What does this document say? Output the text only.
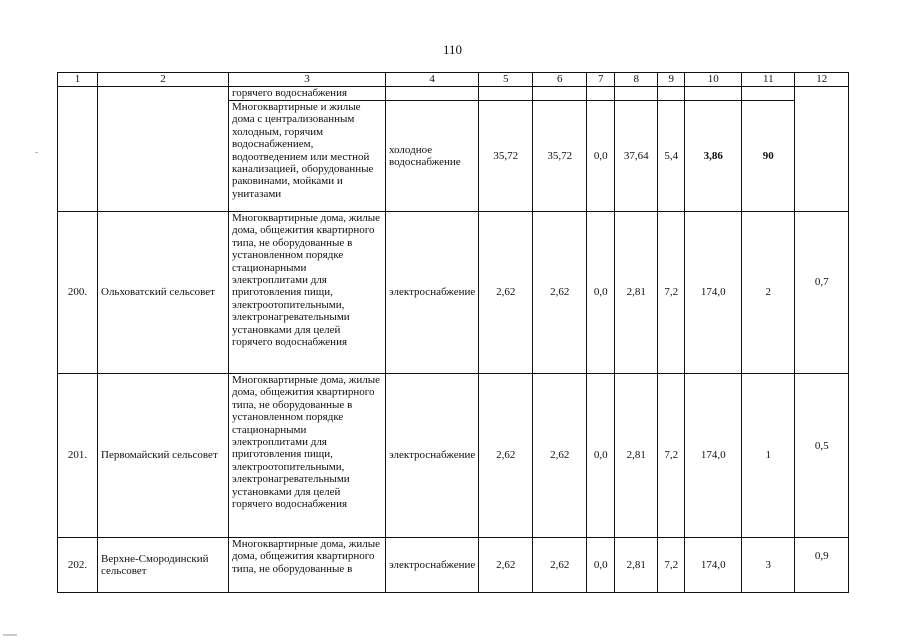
110
1	2	3	4	5	6	7	8	9	10	11	12
		горячего водоснабжения									
		Многоквартирные и жилые дома с централизованным холодным, горячим водоснабжением, водоотведением или местной канализацией, оборудованные раковинами, мойками и унитазами	холодное водоснабжение	35,72	35,72	0,0	37,64	5,4	3,86	90	
200.	Ольховатский сельсовет	Многоквартирные дома, жилые дома, общежития квартирного типа, не оборудованные в установленном порядке стационарными электроплитами для приготовления пищи, электроотопительными, электронагревательными установками для целей горячего водоснабжения	электроснабжение	2,62	2,62	0,0	2,81	7,2	174,0	2	0,7
201.	Первомайский сельсовет	Многоквартирные дома, жилые дома, общежития квартирного типа, не оборудованные в установленном порядке стационарными электроплитами для приготовления пищи, электроотопительными, электронагревательными установками для целей горячего водоснабжения	электроснабжение	2,62	2,62	0,0	2,81	7,2	174,0	1	0,5
202.	Верхне-Смородинский сельсовет	Многоквартирные дома, жилые дома, общежития квартирного типа, не оборудованные в	электроснабжение	2,62	2,62	0,0	2,81	7,2	174,0	3	0,9
